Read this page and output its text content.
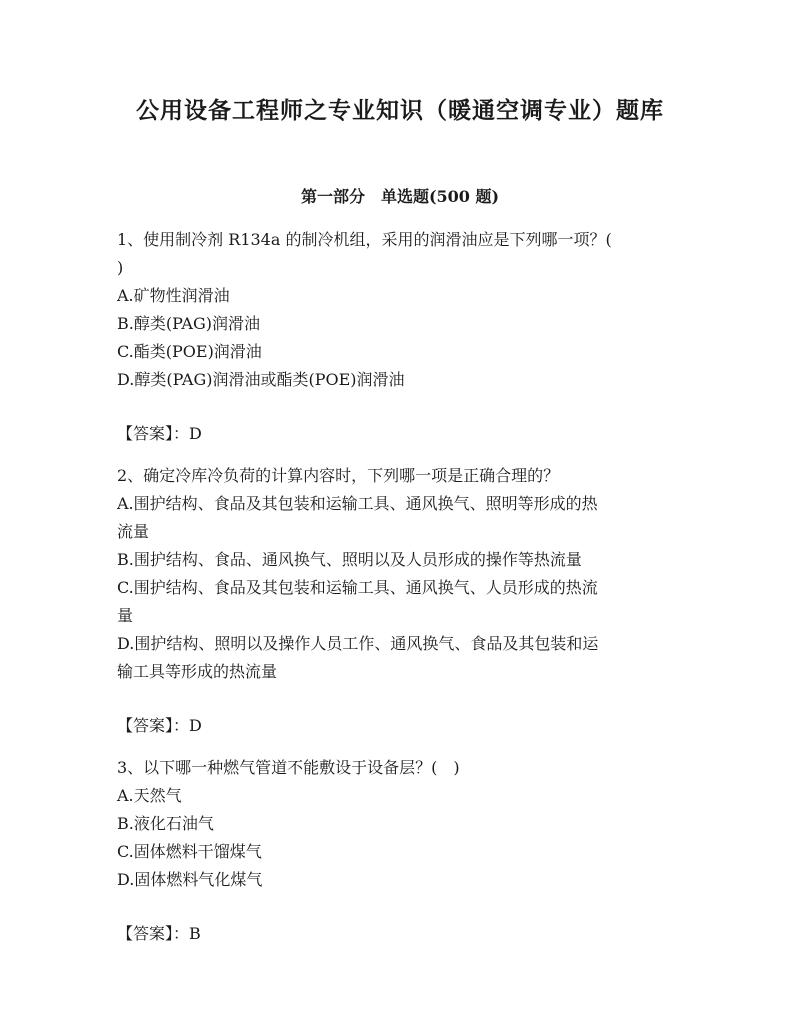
公用设备工程师之专业知识（暖通空调专业）题库
第一部分　单选题(500 题)

1、使用制冷剂 R134a 的制冷机组，采用的润滑油应是下列哪一项？(
)

A.矿物性润滑油
B.醇类(PAG)润滑油
C.酯类(POE)润滑油
D.醇类(PAG)润滑油或酯类(POE)润滑油
【答案】：D

2、确定冷库冷负荷的计算内容时，下列哪一项是正确合理的？

A.围护结构、食品及其包装和运输工具、通风换气、照明等形成的热
流量
B.围护结构、食品、通风换气、照明以及人员形成的操作等热流量
C.围护结构、食品及其包装和运输工具、通风换气、人员形成的热流
量
D.围护结构、照明以及操作人员工作、通风换气、食品及其包装和运
输工具等形成的热流量
【答案】：D

3、以下哪一种燃气管道不能敷设于设备层？(　)

A.天然气
B.液化石油气
C.固体燃料干馏煤气
D.固体燃料气化煤气
【答案】：B
